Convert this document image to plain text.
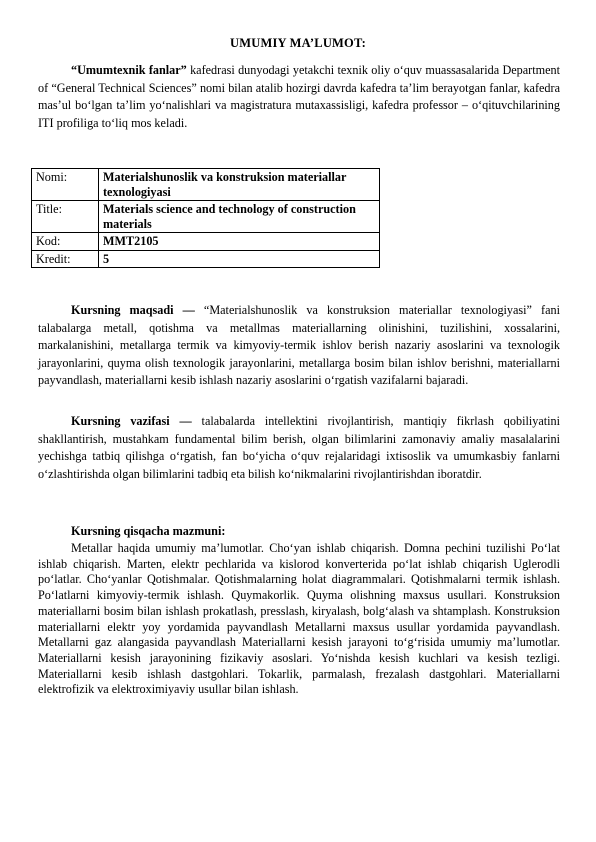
UMUMIY MA’LUMOT:

“Umumtexnik fanlar” kafedrasi dunyodagi yetakchi texnik oliy o‘quv muassasalarida Department of “General Technical Sciences” nomi bilan atalib hozirgi davrda kafedra ta’lim berayotgan fanlar, kafedra mas’ul bo‘lgan ta’lim yo‘nalishlari va magistratura mutaxassisligi, kafedra professor – o‘qituvchilarining ITI profiliga to‘liq mos keladi.

Nomi:	Materialshunoslik va konstruksion materiallar texnologiyasi
Title:	Materials science and technology of construction materials
Kod:	MMT2105
Kredit:	5

Kursning maqsadi — “Materialshunoslik va konstruksion materiallar texnologiyasi” fani talabalarga metall, qotishma va metallmas materiallarning olinishini, tuzilishini, xossalarini, markalanishini, metallarga termik va kimyoviy-termik ishlov berish nazariy asoslarini va texnologik jarayonlarini, quyma olish texnologik jarayonlarini, metallarga bosim bilan ishlov berishni, materiallarni payvandlash, materiallarni kesib ishlash nazariy asoslarini o‘rgatish vazifalarni bajaradi.

Kursning vazifasi — talabalarda intellektini rivojlantirish, mantiqiy fikrlash qobiliyatini shakllantirish, mustahkam fundamental bilim berish, olgan bilimlarini zamonaviy amaliy masalalarini yechishga tatbiq qilishga o‘rgatish, fan bo‘yicha o‘quv rejalaridagi ixtisoslik va umumkasbiy fanlarni o‘zlashtirishda olgan bilimlarini tadbiq eta bilish ko‘nikmalarini rivojlantirishdan iboratdir.

Kursning qisqacha mazmuni:

Metallar haqida umumiy ma’lumotlar. Cho‘yan ishlab chiqarish. Domna pechini tuzilishi Po‘lat ishlab chiqarish. Marten, elektr pechlarida va kislorod konverterida po‘lat ishlab chiqarish Uglerodli po‘latlar. Cho‘yanlar Qotishmalar. Qotishmalarning holat diagrammalari. Qotishmalarni termik ishlash. Po‘latlarni kimyoviy-termik ishlash. Quymakorlik. Quyma olishning maxsus usullari. Konstruksion materiallarni bosim bilan ishlash prokatlash, presslash, kiryalash, bolg‘alash va shtamplash. Konstruksion materiallarni elektr yoy yordamida payvandlash Metallarni maxsus usullar yordamida payvandlash. Metallarni gaz alangasida payvandlash Materiallarni kesish jarayoni to‘g‘risida umumiy ma’lumotlar. Materiallarni kesish jarayonining fizikaviy asoslari. Yo‘nishda kesish kuchlari va kesish tezligi. Materiallarni kesib ishlash dastgohlari. Tokarlik, parmalash, frezalash dastgohlari. Materiallarni elektrofizik va elektroximiyaviy usullar bilan ishlash.
